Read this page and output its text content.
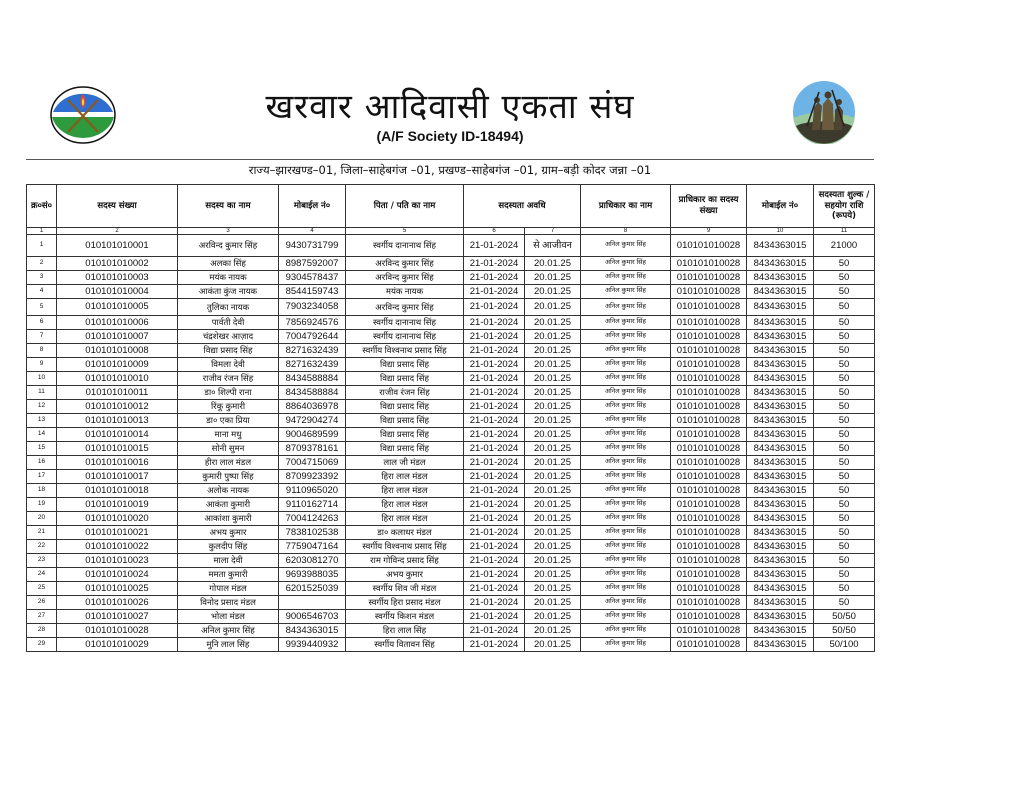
खरवार आदिवासी एकता संघ
(A/F Society ID-18494)
राज्य–झारखण्ड–01, जिला–साहेबगंज –01, प्रखण्ड–साहेबगंज –01, ग्राम–बड़ी कोदर जन्ना –01
क्र०सं०	सदस्य संख्या	सदस्य का नाम	मोबाईल नं०	पिता / पति का नाम	सदस्यता अवधि		प्राधिकार का नाम	प्राधिकार का सदस्य संख्या	मोबाईल नं०	सदस्यता शुल्क / सहयोग राशि (रूपये)
1	2	3	4	5	6	7	8	9	10	11
1	010101010001	अरविन्द कुमार सिंह	9430731799	स्वर्गीय दानानाथ सिंह	21-01-2024	से आजीवन	अनिल कुमार सिंह	010101010028	8434363015	21000
2	010101010002	अलका सिंह	8987592007	अरविन्द कुमार सिंह	21-01-2024	20.01.25	अनिल कुमार सिंह	010101010028	8434363015	50
3	010101010003	मयंक नायक	9304578437	अरविन्द कुमार सिंह	21-01-2024	20.01.25	अनिल कुमार सिंह	010101010028	8434363015	50
4	010101010004	आकंता कुंज नायक	8544159743	मयंक नायक	21-01-2024	20.01.25	अनिल कुमार सिंह	010101010028	8434363015	50
5	010101010005	तुलिका नायक	7903234058	अरविन्द कुमार सिंह	21-01-2024	20.01.25	अनिल कुमार सिंह	010101010028	8434363015	50
6	010101010006	पार्वती देवी	7856924576	स्वर्गीय दानानाथ सिंह	21-01-2024	20.01.25	अनिल कुमार सिंह	010101010028	8434363015	50
7	010101010007	चंद्रशेखर आज़ाद	7004792644	स्वर्गीय दानानाथ सिंह	21-01-2024	20.01.25	अनिल कुमार सिंह	010101010028	8434363015	50
8	010101010008	विद्या प्रसाद सिंह	8271632439	स्वर्गीय विश्वनाथ प्रसाद सिंह	21-01-2024	20.01.25	अनिल कुमार सिंह	010101010028	8434363015	50
9	010101010009	विमला देवी	8271632439	विद्या प्रसाद सिंह	21-01-2024	20.01.25	अनिल कुमार सिंह	010101010028	8434363015	50
10	010101010010	राजीव रंजन सिंह	8434588884	विद्या प्रसाद सिंह	21-01-2024	20.01.25	अनिल कुमार सिंह	010101010028	8434363015	50
11	010101010011	डा० शिल्पी राना	8434588884	राजीव रंजन सिंह	21-01-2024	20.01.25	अनिल कुमार सिंह	010101010028	8434363015	50
12	010101010012	रिंकू कुमारी	8864036978	विद्या प्रसाद सिंह	21-01-2024	20.01.25	अनिल कुमार सिंह	010101010028	8434363015	50
13	010101010013	डा० एका प्रिया	9472904274	विद्या प्रसाद सिंह	21-01-2024	20.01.25	अनिल कुमार सिंह	010101010028	8434363015	50
14	010101010014	माना मधु	9004689599	विद्या प्रसाद सिंह	21-01-2024	20.01.25	अनिल कुमार सिंह	010101010028	8434363015	50
15	010101010015	सोनी सुमन	8709378161	विद्या प्रसाद सिंह	21-01-2024	20.01.25	अनिल कुमार सिंह	010101010028	8434363015	50
16	010101010016	हीरा लाल मंडल	7004715069	लाल जी मंडल	21-01-2024	20.01.25	अनिल कुमार सिंह	010101010028	8434363015	50
17	010101010017	कुमारी पुष्पा सिंह	8709923392	हिरा लाल मंडल	21-01-2024	20.01.25	अनिल कुमार सिंह	010101010028	8434363015	50
18	010101010018	अलोक नायक	9110965020	हिरा लाल मंडल	21-01-2024	20.01.25	अनिल कुमार सिंह	010101010028	8434363015	50
19	010101010019	आकंता कुमारी	9110162714	हिरा लाल मंडल	21-01-2024	20.01.25	अनिल कुमार सिंह	010101010028	8434363015	50
20	010101010020	आकांशा कुमारी	7004124263	हिरा लाल मंडल	21-01-2024	20.01.25	अनिल कुमार सिंह	010101010028	8434363015	50
21	010101010021	अभय कुमार	7838102538	डा० कलाधर मंडल	21-01-2024	20.01.25	अनिल कुमार सिंह	010101010028	8434363015	50
22	010101010022	कुलदीप सिंह	7759047164	स्वर्गीय विश्वनाथ प्रसाद सिंह	21-01-2024	20.01.25	अनिल कुमार सिंह	010101010028	8434363015	50
23	010101010023	माला देवी	6203081270	राम गोविन्द प्रसाद सिंह	21-01-2024	20.01.25	अनिल कुमार सिंह	010101010028	8434363015	50
24	010101010024	ममता कुमारी	9693988035	अभय कुमार	21-01-2024	20.01.25	अनिल कुमार सिंह	010101010028	8434363015	50
25	010101010025	गोपाल मंडल	6201525039	स्वर्गीय शिव जी मंडल	21-01-2024	20.01.25	अनिल कुमार सिंह	010101010028	8434363015	50
26	010101010026	विनोद प्रसाद मंडल		स्वर्गीय हिरा प्रसाद मंडल	21-01-2024	20.01.25	अनिल कुमार सिंह	010101010028	8434363015	50
27	010101010027	भोला मंडल	9006546703	स्वर्गीय किशन मंडल	21-01-2024	20.01.25	अनिल कुमार सिंह	010101010028	8434363015	50/50
28	010101010028	अनिल कुमार सिंह	8434363015	हिरा लाल सिंह	21-01-2024	20.01.25	अनिल कुमार सिंह	010101010028	8434363015	50/50
29	010101010029	मुनि लाल सिंह	9939440932	स्वर्गीय वितावन सिंह	21-01-2024	20.01.25	अनिल कुमार सिंह	010101010028	8434363015	50/100
